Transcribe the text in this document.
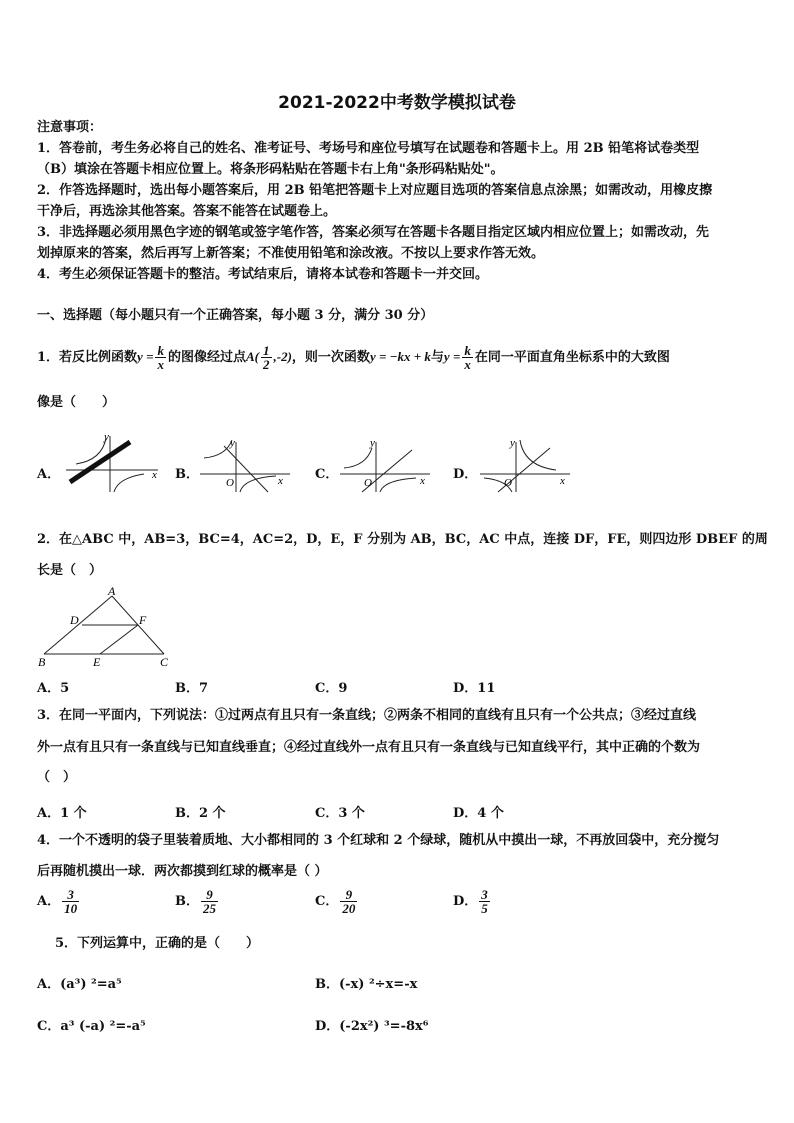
2021-2022中考数学模拟试卷
注意事项：
1．答卷前，考生务必将自己的姓名、准考证号、考场号和座位号填写在试题卷和答题卡上。用 2B 铅笔将试卷类型
（B）填涂在答题卡相应位置上。将条形码粘贴在答题卡右上角"条形码粘贴处"。
2．作答选择题时，选出每小题答案后，用 2B 铅笔把答题卡上对应题目选项的答案信息点涂黑；如需改动，用橡皮擦
干净后，再选涂其他答案。答案不能答在试题卷上。
3．非选择题必须用黑色字迹的钢笔或签字笔作答，答案必须写在答题卡各题目指定区域内相应位置上；如需改动，先
划掉原来的答案，然后再写上新答案；不准使用铅笔和涂改液。不按以上要求作答无效。
4．考生必须保证答题卡的整洁。考试结束后，请将本试卷和答题卡一并交回。
一、选择题（每小题只有一个正确答案，每小题 3 分，满分 30 分）
1．若反比例函数$y = \frac{k}{x}$ 的图像经过点$A( \frac{1}{2} ,-2)$，则一次函数y = −kx + k与$y = \frac{k}{x}$ 在同一平面直角坐标系中的大致图
像是（　　）
A．
y
x B．
y
x
O
C．
y
x
O
D．
y
x
O
2．在△ABC 中，AB=3，BC=4，AC=2，D，E，F 分别为 AB，BC，AC 中点，连接 DF，FE，则四边形 DBEF 的周
长是（　）
A
B	C
D
E
F
A．5	B．7	C．9	D．11
3．在同一平面内，下列说法：①过两点有且只有一条直线；②两条不相同的直线有且只有一个公共点；③经过直线
外一点有且只有一条直线与已知直线垂直；④经过直线外一点有且只有一条直线与已知直线平行，其中正确的个数为
（　）
A．1 个	B．2 个	C．3 个	D．4 个
4．一个不透明的袋子里装着质地、大小都相同的 3 个红球和 2 个绿球，随机从中摸出一球，不再放回袋中，充分搅匀
后再随机摸出一球．两次都摸到红球的概率是（ ）
A． $\frac{3}{10}$	B． $\frac{9}{25}$	C． $\frac{9}{20}$	D． $\frac{3}{5}$
5．下列运算中，正确的是（　　）
A．(a³) ²=a⁵	B．(-x) ²÷x=-x
C．a³ (-a) ²=-a⁵	D．(-2x²) ³=-8x⁶
